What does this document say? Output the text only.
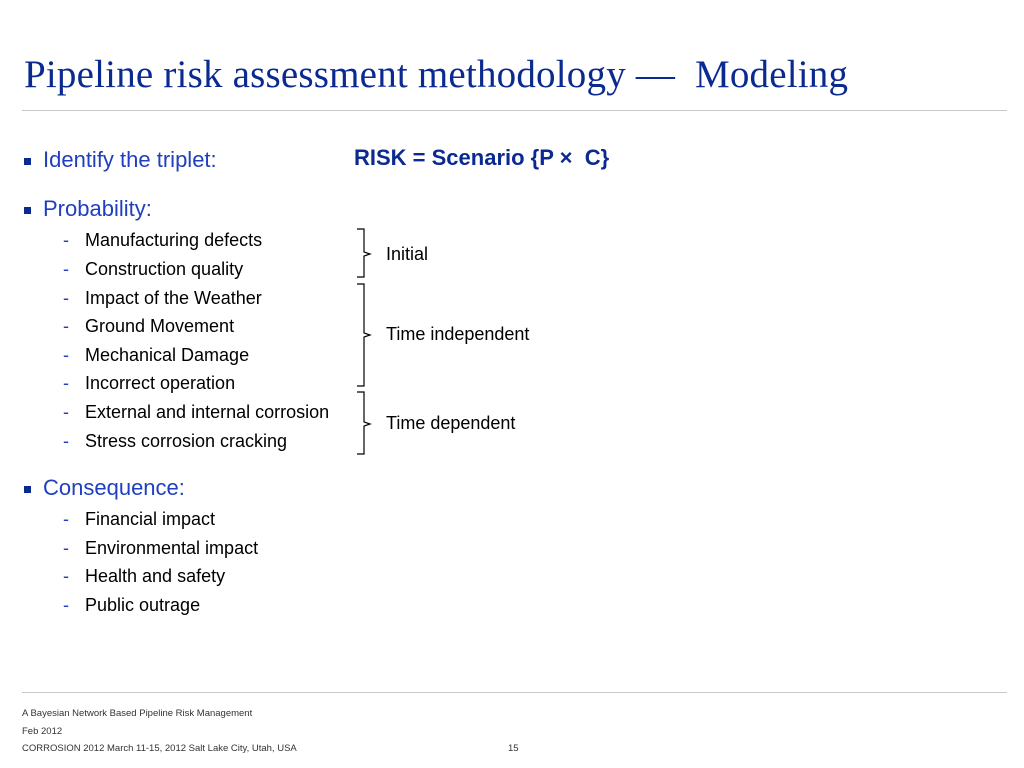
Pipeline risk assessment methodology —  Modeling
Identify the triplet:	RISK = Scenario {P ×  C}
Probability:
- Manufacturing defects
- Construction quality
- Impact of the Weather
- Ground Movement
- Mechanical Damage
- Incorrect operation
- External and internal corrosion
- Stress corrosion cracking
Initial
Time independent
Time dependent
Consequence:
- Financial impact
- Environmental impact
- Health and safety
- Public outrage
A Bayesian Network Based Pipeline Risk Management
Feb 2012
CORROSION 2012 March 11-15, 2012 Salt Lake City, Utah, USA	15
